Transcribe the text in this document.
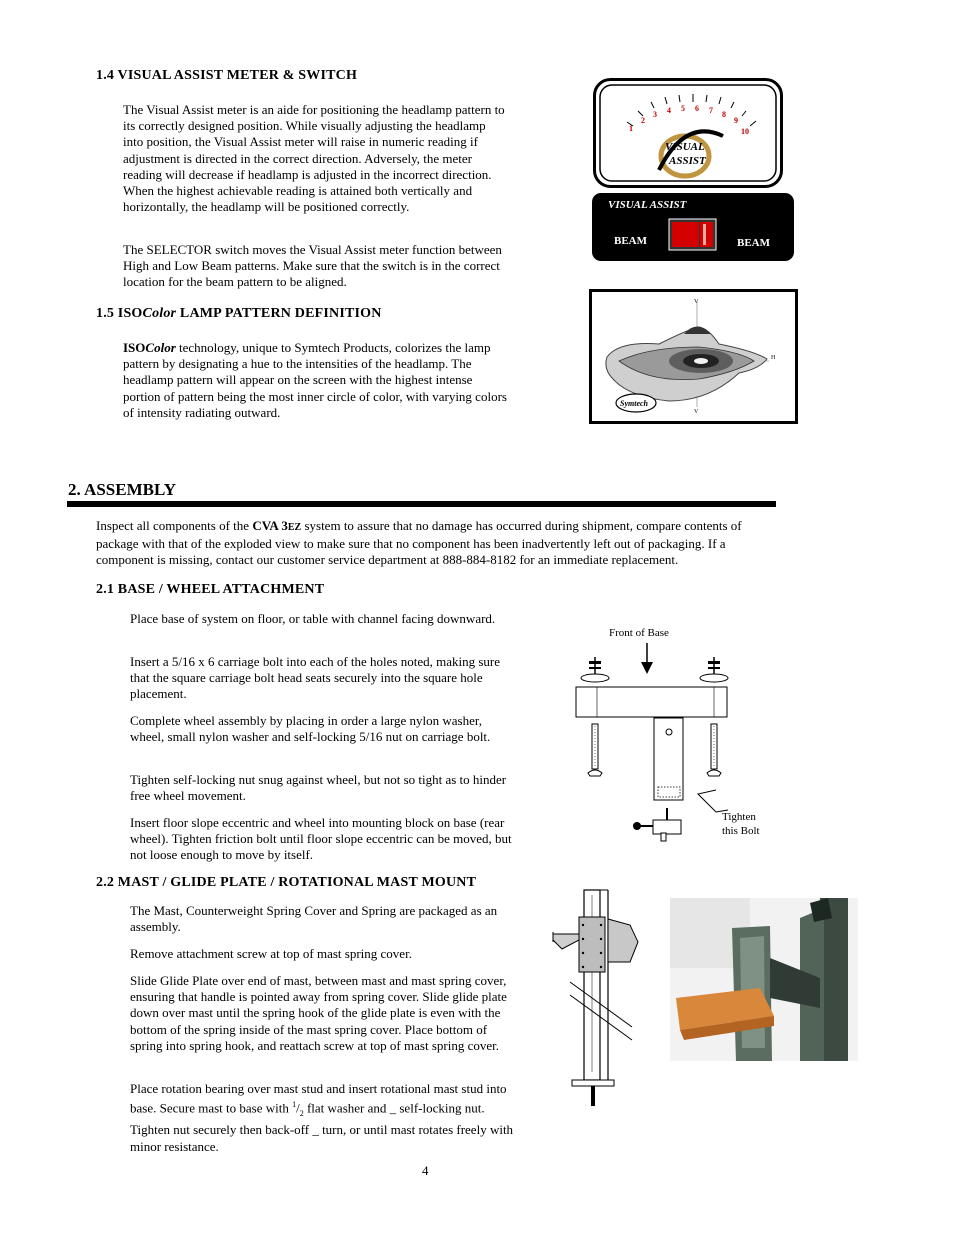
1.4 VISUAL ASSIST METER & SWITCH

The Visual Assist meter is an aide for positioning the headlamp pattern to its correctly designed position. While visually adjusting the headlamp into position, the Visual Assist meter will raise in numeric reading if adjustment is directed in the correct direction. Adversely, the meter reading will decrease if headlamp is adjusted in the incorrect direction. When the highest achievable reading is attained both vertically and horizontally, the headlamp will be positioned correctly.

The SELECTOR switch moves the Visual Assist meter function between High and Low Beam patterns. Make sure that the switch is in the correct location for the beam pattern to be aligned.

1
2
3 4 5 6 7 8
9
10
VISUAL
ASSIST
VISUAL ASSIST
BEAM	BEAM
1.5 ISOColor LAMP PATTERN DEFINITION

ISOColor technology, unique to Symtech Products, colorizes the lamp pattern by designating a hue to the intensities of the headlamp. The headlamp pattern will appear on the screen with the highest intense portion of pattern being the most inner circle of color, with varying colors of intensity radiating outward.

V
V
H
Symtech
2. ASSEMBLY

Inspect all components of the CVA 3EZ system to assure that no damage has occurred during shipment, compare contents of package with that of the exploded view to make sure that no component has been inadvertently left out of packaging. If a component is missing, contact our customer service department at 888-884-8182 for an immediate replacement.

2.1 BASE / WHEEL ATTACHMENT

Place base of system on floor, or table with channel facing downward.

Insert a 5/16 x 6 carriage bolt into each of the holes noted, making sure that the square carriage bolt head seats securely into the square hole placement.

Complete wheel assembly by placing in order a large nylon washer, wheel, small nylon washer and self-locking 5/16 nut on carriage bolt.

Tighten self-locking nut snug against wheel, but not so tight as to hinder free wheel movement.

Insert floor slope eccentric and wheel into mounting block on base (rear wheel). Tighten friction bolt until floor slope eccentric can be moved, but not loose enough to move by itself.

Front of Base
Tighten
this Bolt
2.2 MAST / GLIDE PLATE / ROTATIONAL MAST MOUNT

The Mast, Counterweight Spring Cover and Spring are packaged as an assembly.

Remove attachment screw at top of mast spring cover.

Slide Glide Plate over end of mast, between mast and mast spring cover, ensuring that handle is pointed away from spring cover. Slide glide plate down over mast until the spring hook of the glide plate is even with the bottom of the spring inside of the mast spring cover. Place bottom of spring into spring hook, and reattach screw at top of mast spring cover.

Place rotation bearing over mast stud and insert rotational mast stud into base. Secure mast to base with $^1/_2$ flat washer and _ self-locking nut. Tighten nut securely then back-off _ turn, or until mast rotates freely with minor resistance.

4
